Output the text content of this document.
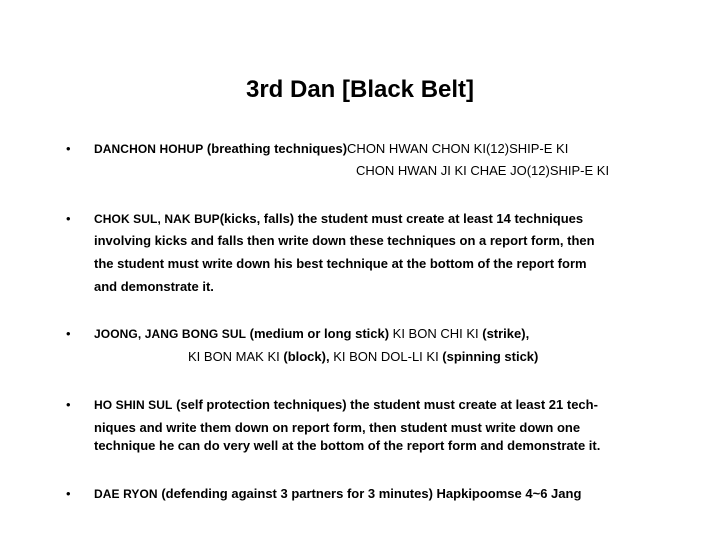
3rd Dan [Black Belt]
• DANCHON HOHUP (breathing techniques)CHON HWAN CHON KI(12)SHIP-E KI
CHON HWAN JI KI CHAE JO(12)SHIP-E KI
• CHOK SUL, NAK BUP(kicks, falls) the student must create at least 14 techniques
involving kicks and falls then write down these techniques on a report form, then
the student must write down his best technique at the bottom of the report form
and demonstrate it.
• JOONG, JANG BONG SUL (medium or long stick) KI BON CHI KI (strike),
KI BON MAK KI (block), KI BON DOL-LI KI (spinning stick)
• HO SHIN SUL (self protection techniques) the student must create at least 21 tech-
niques and write them down on report form, then student must write down one
technique he can do very well at the bottom of the report form and demonstrate it.
• DAE RYON (defending against 3 partners for 3 minutes) Hapkipoomse 4~6 Jang
